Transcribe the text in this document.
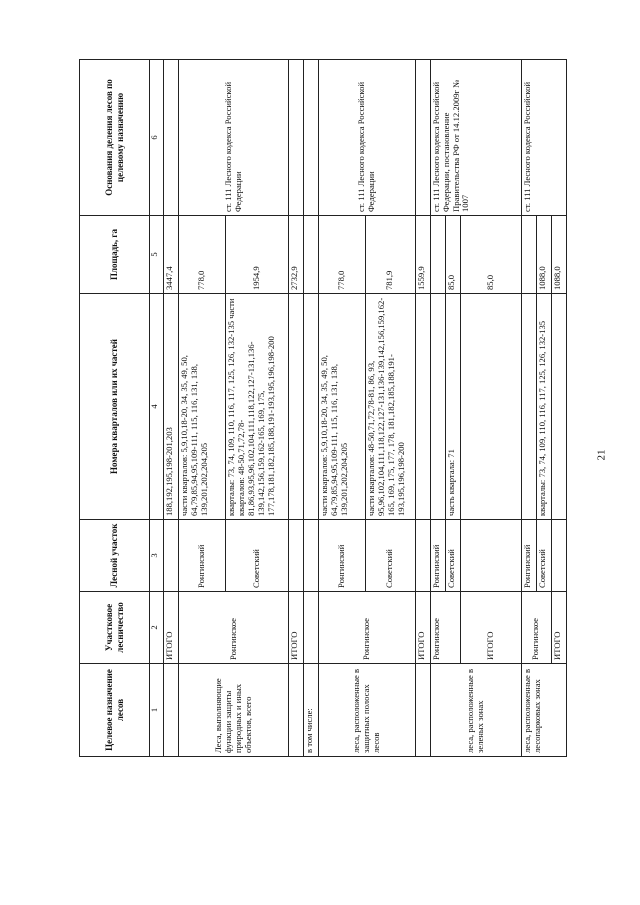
Целевое назначение лесов	Участковое лесничество	Лесной участок	Номера кварталов или их частей	Площадь, га	Основания деления лесов по целевому назначению
1	2	3	4	5	6
	ИТОГО		188,192,195,198-201,203	3447,4	
Леса, выполняющие функции защиты природных и иных объектов, всего	Ронгинское	Ронгинский	части кварталов: 5,9,10,18-20, 34, 35, 49, 50, 64,79,85,94,95,109-111, 115, 116, 131, 138, 139,201,202,204,205	778,0	ст. 111 Лесного кодекса Российской Федерации
		Советский	кварталы: 73, 74, 109, 110, 116, 117, 125, 126, 132-135 части кварталов: 48-50,71,72,78-81,86,93,95,96,102,104,111,118,122,127-131,136-139,142,156,159,162-165, 169, 175, 177,178,181,182,185,188,191-193,195,196,198-200	1954,9	
	ИТОГО			2732,9	
в том числе:					
леса, расположенные в защитных полосах лесов	Ронгинское	Ронгинский	части кварталов: 5,9,10,18-20, 34, 35, 49, 50, 64,79,85,94,95,109-111, 115, 116, 131, 138, 139,201,202,204,205	778,0	ст. 111 Лесного кодекса Российской Федерации
		Советский	части кварталов: 48-50,71,72,78-81, 86, 93, 95,96,102,104,111,118,122,127-131,136-139,142,156,159,162-165, 169, 175, 177, 178, 181,182,185,188,191-193,195,196,198-200	781,9	
	ИТОГО			1559,9	
леса, расположенные в зеленых зонах	Ронгинское	Ронгинский			ст. 111 Лесного кодекса Российской Федерации, постановление Правительства РФ от 14.12.2009г № 1007
		Советский	часть квартала: 71	85,0	
	ИТОГО			85,0	
леса, расположенные в лесопарковых зонах	Ронгинское	Ронгинский			ст. 111 Лесного кодекса Российской
		Советский	кварталы: 73, 74, 109, 110, 116, 117, 125, 126, 132-135	1088,0	
	ИТОГО			1088,0	
21
